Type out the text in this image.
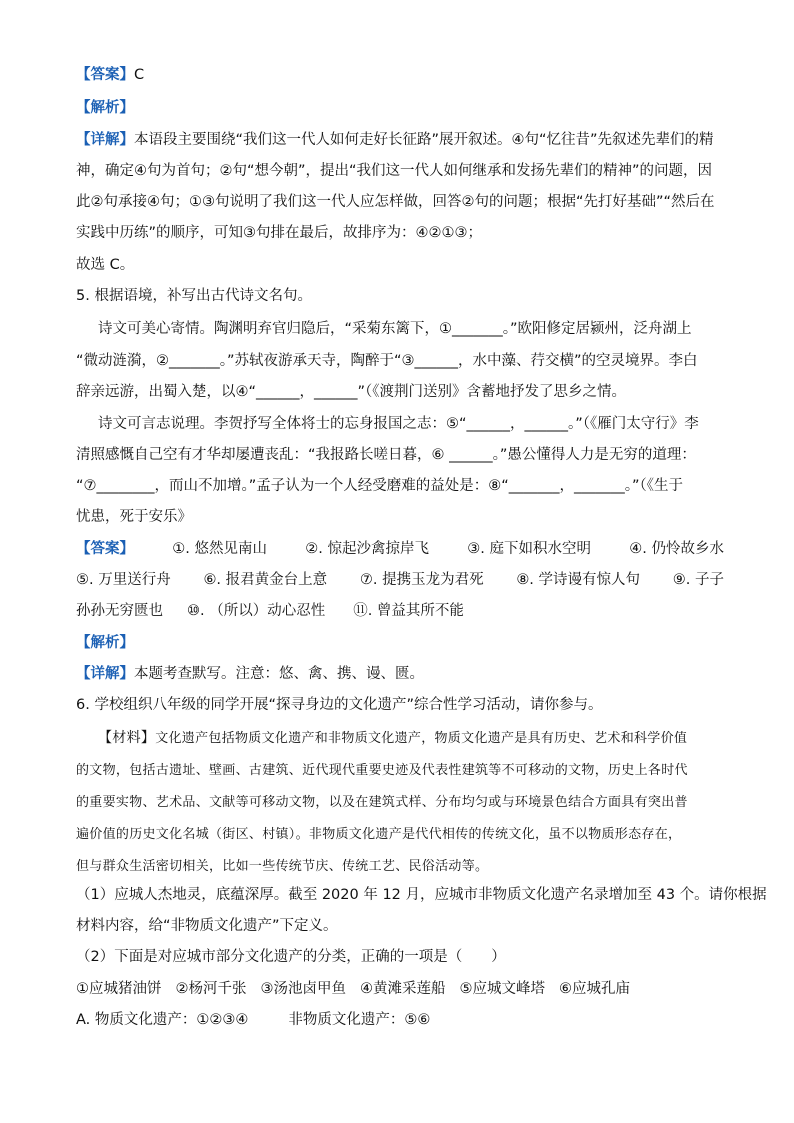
【答案】C
【解析】
【详解】本语段主要围绕“我们这一代人如何走好长征路”展开叙述。④句“忆往昔”先叙述先辈们的精
神，确定④句为首句；②句“想今朝”，提出“我们这一代人如何继承和发扬先辈们的精神”的问题，因
此②句承接④句；①③句说明了我们这一代人应怎样做，回答②句的问题；根据“先打好基础”“然后在
实践中历练”的顺序，可知③句排在最后，故排序为：④②①③；
故选 C。
5. 根据语境，补写出古代诗文名句。
诗文可美心寄情。陶渊明弃官归隐后，“采菊东篱下，①_______。”欧阳修定居颍州，泛舟湖上
“微动涟漪，②_______。”苏轼夜游承天寺，陶醉于“③______，水中藻、荇交横”的空灵境界。李白
辞亲远游，出蜀入楚，以④“______，______”（《渡荆门送别》含蓄地抒发了思乡之情。
诗文可言志说理。李贺抒写全体将士的忘身报国之志：⑤“______，______。”（《雁门太守行》李
清照感慨自己空有才华却屡遭丧乱：“我报路长嗟日暮，⑥ ______。”愚公懂得人力是无穷的道理：
“⑦________，而山不加增。”孟子认为一个人经受磨难的益处是：⑧“_______，_______。”（《生于
忧患，死于安乐》
【答案】	①. 悠然见南山	②. 惊起沙禽掠岸飞	③. 庭下如积水空明	④. 仍怜故乡水
⑤. 万里送行舟 ⑥. 报君黄金台上意 ⑦. 提携玉龙为君死 ⑧. 学诗谩有惊人句 ⑨. 子子
孙孙无穷匮也 ⑩. （所以）动心忍性 ⑪. 曾益其所不能
【解析】
【详解】本题考查默写。注意：悠、禽、携、谩、匮。
6. 学校组织八年级的同学开展“探寻身边的文化遗产”综合性学习活动，请你参与。
【材料】文化遗产包括物质文化遗产和非物质文化遗产，物质文化遗产是具有历史、艺术和科学价值
的文物，包括古遗址、壁画、古建筑、近代现代重要史迹及代表性建筑等不可移动的文物，历史上各时代
的重要实物、艺术品、文献等可移动文物，以及在建筑式样、分布均匀或与环境景色结合方面具有突出普
遍价值的历史文化名城（街区、村镇）。非物质文化遗产是代代相传的传统文化，虽不以物质形态存在，
但与群众生活密切相关，比如一些传统节庆、传统工艺、民俗活动等。
（1）应城人杰地灵，底蕴深厚。截至 2020 年 12 月，应城市非物质文化遗产名录增加至 43 个。请你根据
材料内容，给“非物质文化遗产”下定义。
（2）下面是对应城市部分文化遗产的分类，正确的一项是（　　）
①应城猪油饼 ②杨河千张 ③汤池卤甲鱼 ④黄滩采莲船 ⑤应城文峰塔 ⑥应城孔庙
A. 物质文化遗产：①②③④	非物质文化遗产：⑤⑥
